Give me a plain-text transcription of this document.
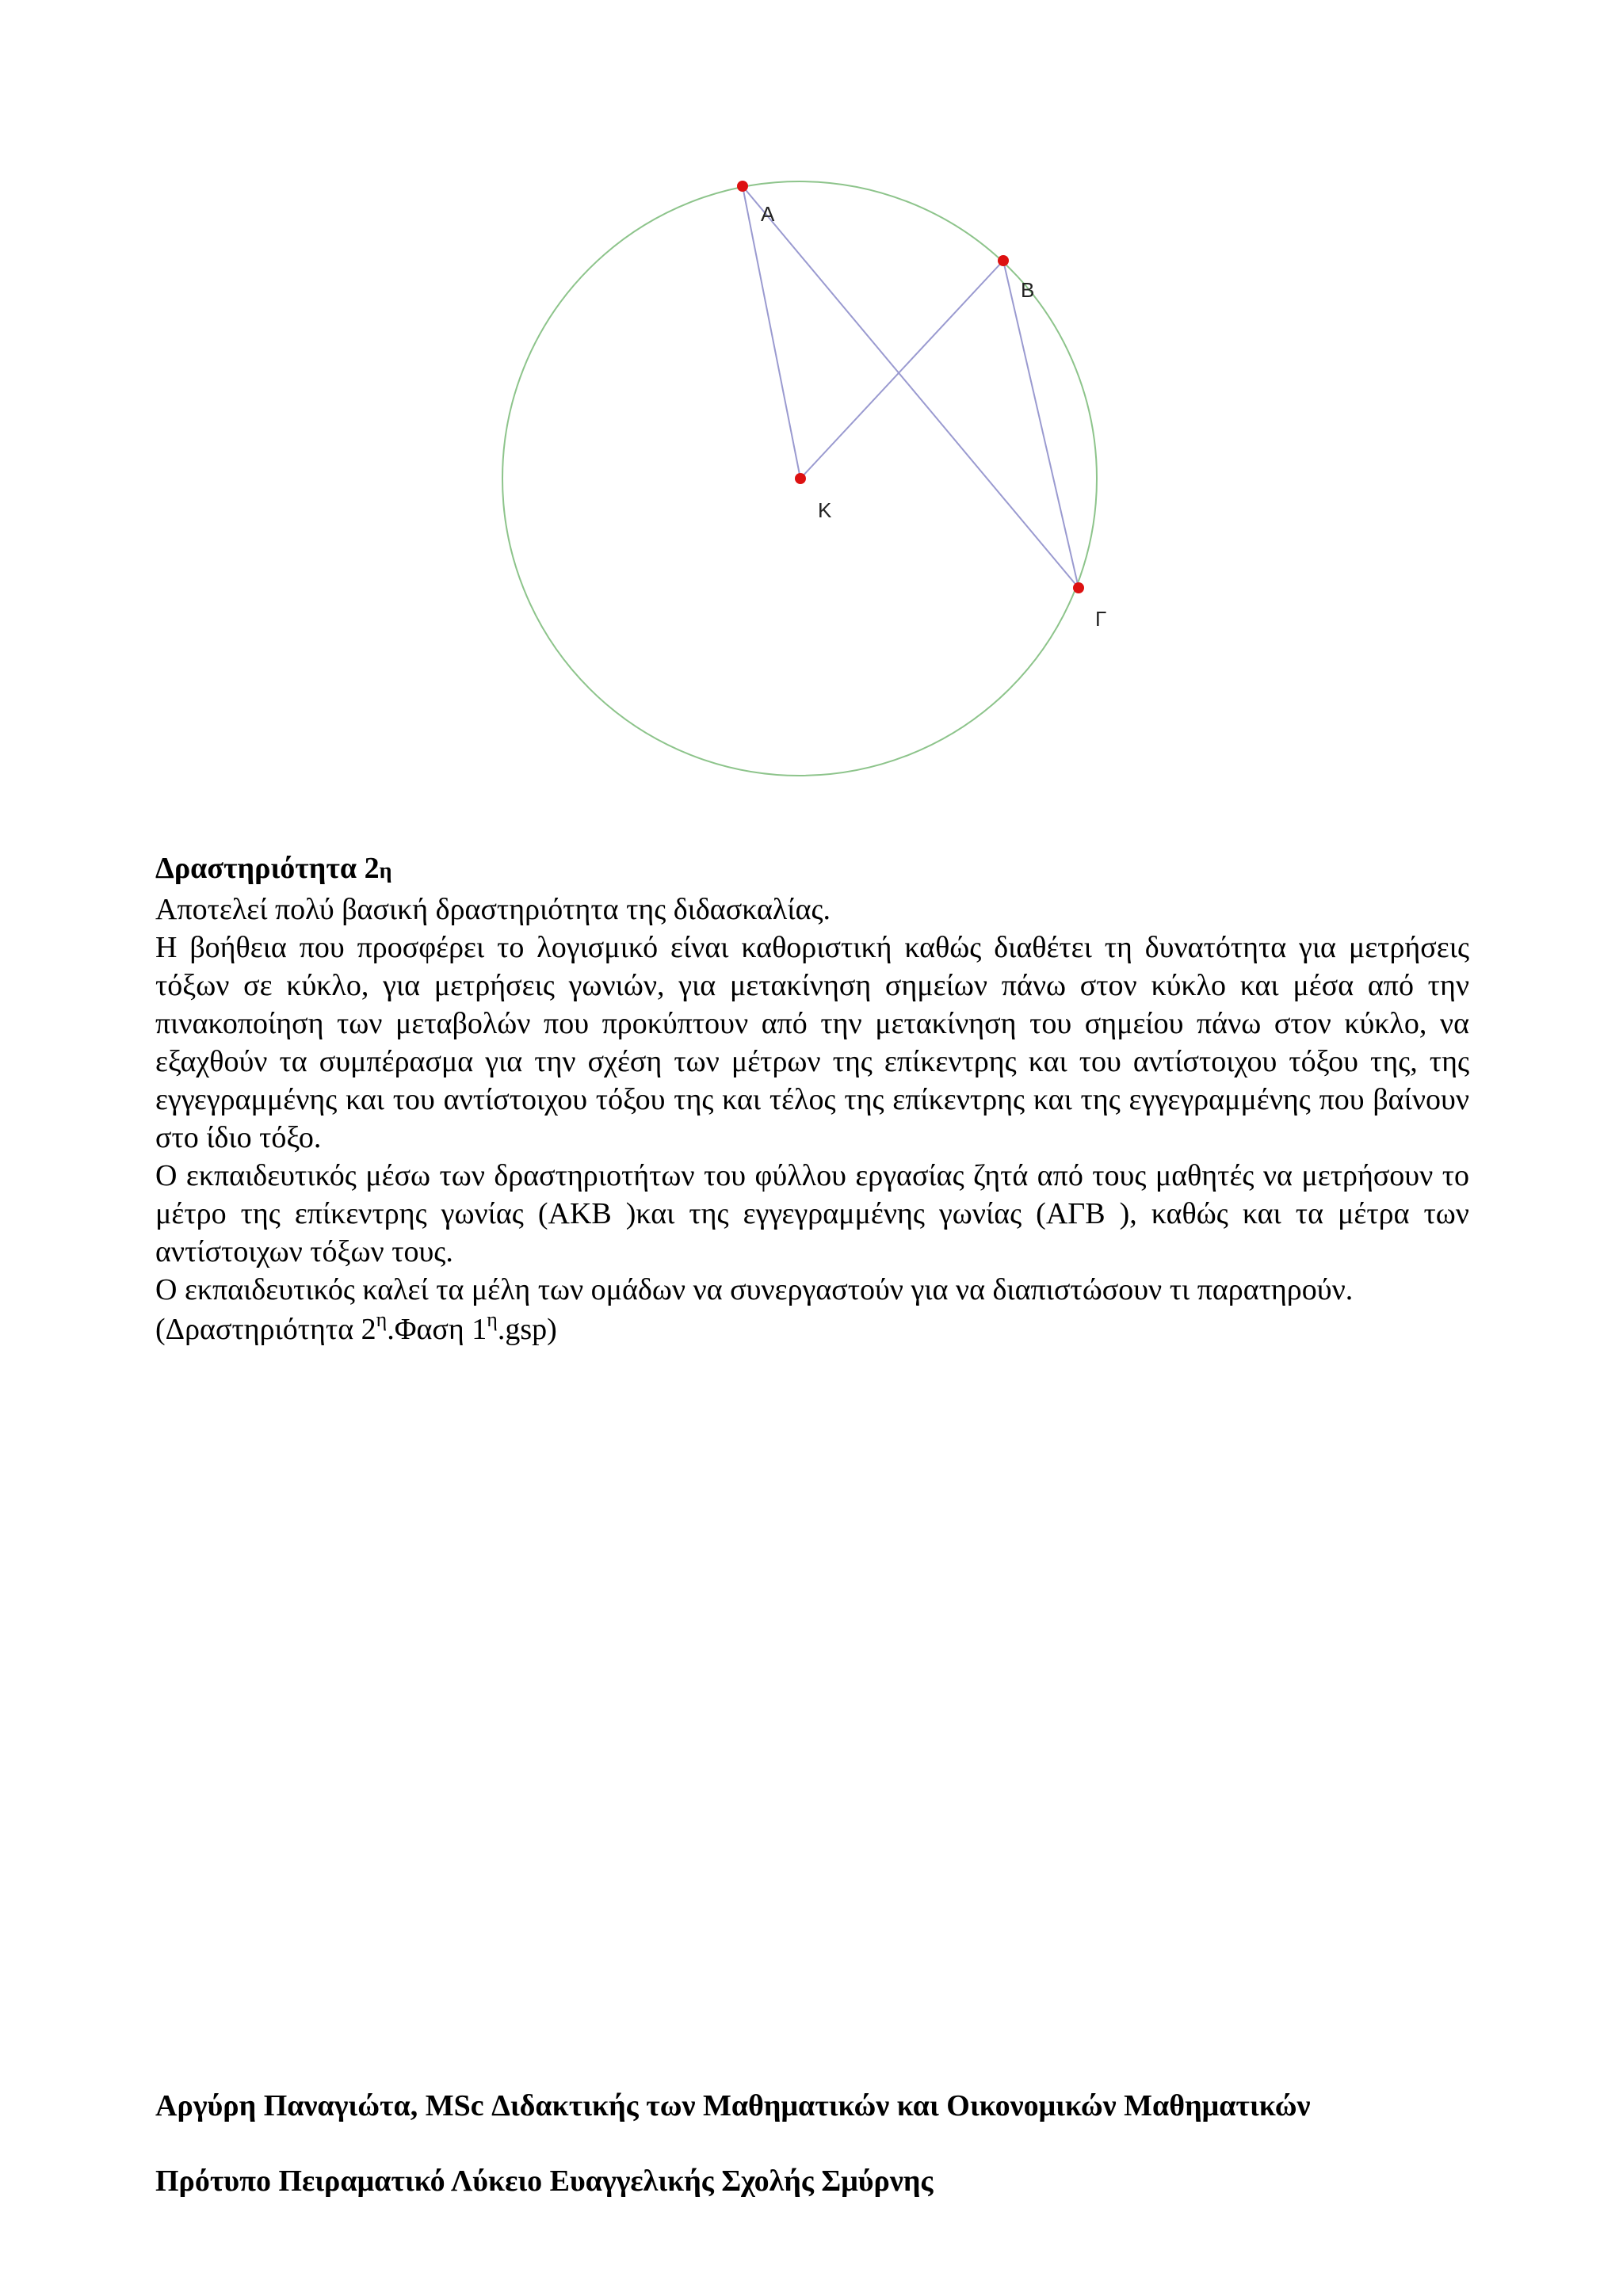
Α
Β
Κ
Γ

Δραστηριότητα 2η

Αποτελεί πολύ βασική δραστηριότητα της διδασκαλίας.

Η βοήθεια που προσφέρει το λογισμικό είναι καθοριστική καθώς διαθέτει τη δυνατότητα για μετρήσεις τόξων σε κύκλο, για μετρήσεις γωνιών, για μετακίνηση σημείων πάνω στον κύκλο και μέσα από την πινακοποίηση των μεταβολών που προκύπτουν από την μετακίνηση του σημείου πάνω στον κύκλο, να εξαχθούν τα συμπέρασμα για την σχέση των μέτρων της επίκεντρης και του αντίστοιχου τόξου της, της εγγεγραμμένης και του αντίστοιχου τόξου της και τέλος της επίκεντρης και της εγγεγραμμένης που βαίνουν στο ίδιο τόξο.

Ο εκπαιδευτικός μέσω των δραστηριοτήτων του φύλλου εργασίας ζητά από τους μαθητές να μετρήσουν το μέτρο της επίκεντρης γωνίας (ΑΚΒ )και της εγγεγραμμένης γωνίας (ΑΓΒ ), καθώς και τα μέτρα των αντίστοιχων τόξων τους.

Ο εκπαιδευτικός καλεί τα μέλη των ομάδων να συνεργαστούν για να διαπιστώσουν τι παρατηρούν.

(Δραστηριότητα $2^\eta.\Phi\alpha\sigma\eta$ $1^\eta.gsp$)

Αργύρη Παναγιώτα, MSc Διδακτικής των Μαθηματικών και Οικονομικών Μαθηματικών
Πρότυπο Πειραματικό Λύκειο Ευαγγελικής Σχολής Σμύρνης
